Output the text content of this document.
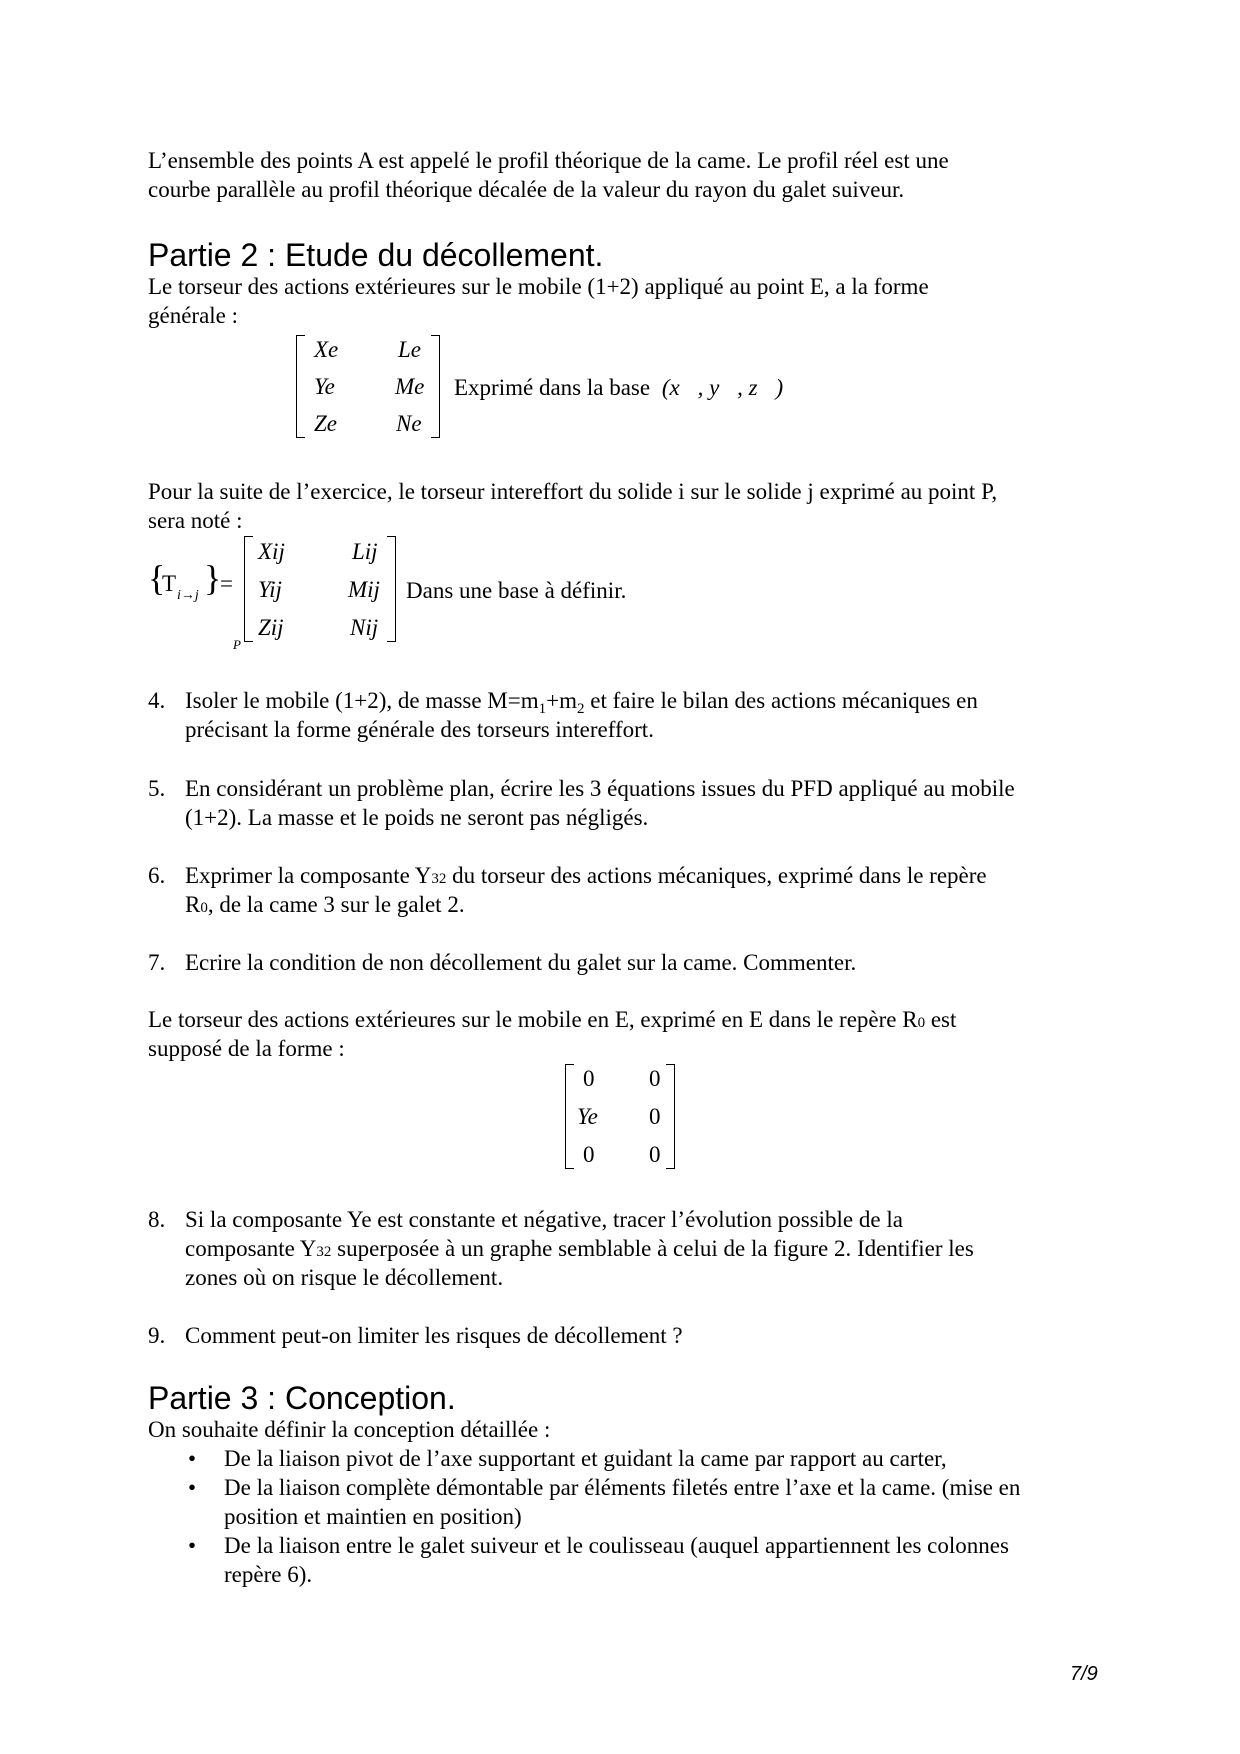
L’ensemble des points A est appelé le profil théorique de la came. Le profil réel est une
courbe parallèle au profil théorique décalée de la valeur du rayon du galet suiveur.
Partie 2 : Etude du décollement.
Le torseur des actions extérieures sur le mobile (1+2) appliqué au point E, a la forme
générale :
Xe
Ye
Ze
Le
Me
Ne
Exprimé dans la base (x⃗, y⃗, z⃗)
Pour la suite de l’exercice, le torseur intereffort du solide i sur le solide j exprimé au point P,
sera noté :
{
T i→j }
=
P
Xij
Yij
Zij
Lij
Mij
Nij
Dans une base à définir.
4. Isoler le mobile (1+2), de masse $M=m_1+m_2$ et faire le bilan des actions mécaniques en
précisant la forme générale des torseurs intereffort.
5. En considérant un problème plan, écrire les 3 équations issues du PFD appliqué au mobile
(1+2). La masse et le poids ne seront pas négligés.
6. Exprimer la composante Y32 du torseur des actions mécaniques, exprimé dans le repère
R0, de la came 3 sur le galet 2.
7. Ecrire la condition de non décollement du galet sur la came. Commenter.
Le torseur des actions extérieures sur le mobile en E, exprimé en E dans le repère R0 est
supposé de la forme :
0
Ye
0
0
0
0
8. Si la composante Ye est constante et négative, tracer l’évolution possible de la
composante Y32 superposée à un graphe semblable à celui de la figure 2. Identifier les
zones où on risque le décollement.
9. Comment peut-on limiter les risques de décollement ?
Partie 3 : Conception.
On souhaite définir la conception détaillée :
• De la liaison pivot de l’axe supportant et guidant la came par rapport au carter,
• De la liaison complète démontable par éléments filetés entre l’axe et la came. (mise en
position et maintien en position)
• De la liaison entre le galet suiveur et le coulisseau (auquel appartiennent les colonnes
repère 6).
7/9
